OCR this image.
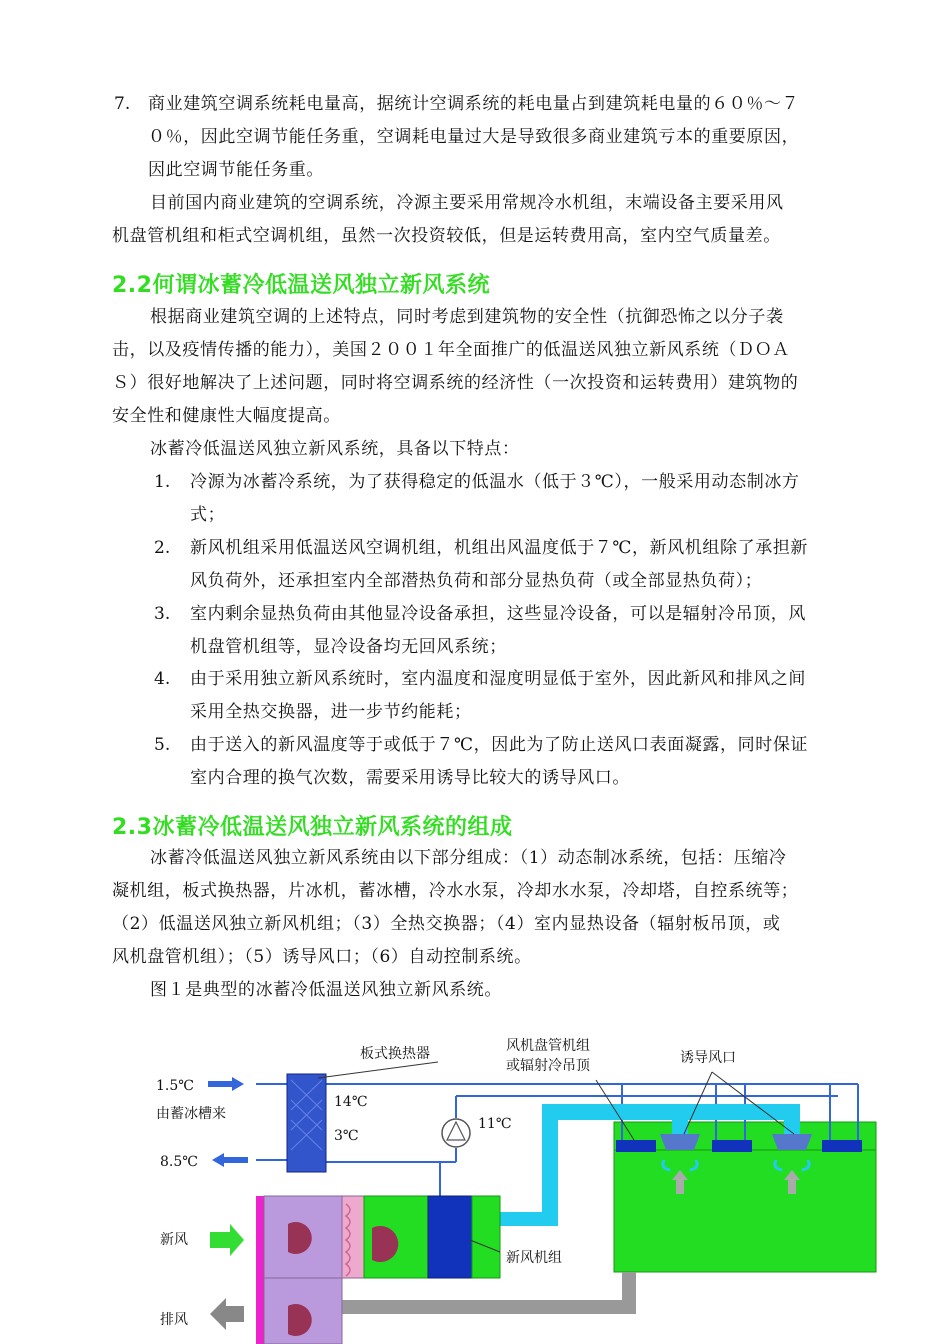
7. 商业建筑空调系统耗电量高，据统计空调系统的耗电量占到建筑耗电量的６０％～７
０％，因此空调节能任务重，空调耗电量过大是导致很多商业建筑亏本的重要原因，
因此空调节能任务重。
目前国内商业建筑的空调系统，冷源主要采用常规冷水机组，末端设备主要采用风
机盘管机组和柜式空调机组，虽然一次投资较低，但是运转费用高，室内空气质量差。
2.2何谓冰蓄冷低温送风独立新风系统
根据商业建筑空调的上述特点，同时考虑到建筑物的安全性（抗御恐怖之以分子袭
击，以及疫情传播的能力），美国２００１年全面推广的低温送风独立新风系统（ＤＯＡ
Ｓ）很好地解决了上述问题，同时将空调系统的经济性（一次投资和运转费用）建筑物的
安全性和健康性大幅度提高。
冰蓄冷低温送风独立新风系统，具备以下特点：
1. 冷源为冰蓄冷系统，为了获得稳定的低温水（低于３℃），一般采用动态制冰方
式；
2. 新风机组采用低温送风空调机组，机组出风温度低于７℃，新风机组除了承担新
风负荷外，还承担室内全部潜热负荷和部分显热负荷（或全部显热负荷）；
3. 室内剩余显热负荷由其他显冷设备承担，这些显冷设备，可以是辐射冷吊顶，风
机盘管机组等，显冷设备均无回风系统；
4. 由于采用独立新风系统时，室内温度和湿度明显低于室外，因此新风和排风之间
采用全热交换器，进一步节约能耗；
5. 由于送入的新风温度等于或低于７℃，因此为了防止送风口表面凝露，同时保证
室内合理的换气次数，需要采用诱导比较大的诱导风口。
2.3冰蓄冷低温送风独立新风系统的组成
冰蓄冷低温送风独立新风系统由以下部分组成：（1）动态制冰系统，包括：压缩冷
凝机组，板式换热器，片冰机，蓄冰槽，冷水水泵，冷却水水泵，冷却塔，自控系统等；
（2）低温送风独立新风机组；（3）全热交换器；（4）室内显热设备（辐射板吊顶，或
风机盘管机组）；（5）诱导风口；（6）自动控制系统。
图１是典型的冰蓄冷低温送风独立新风系统。
板式换热器	风机盘管机组
或辐射冷吊顶	诱导风口
1.5℃
由蓄冰槽来
8.5℃
14℃
3℃
11℃
新风
新风机组
排风
